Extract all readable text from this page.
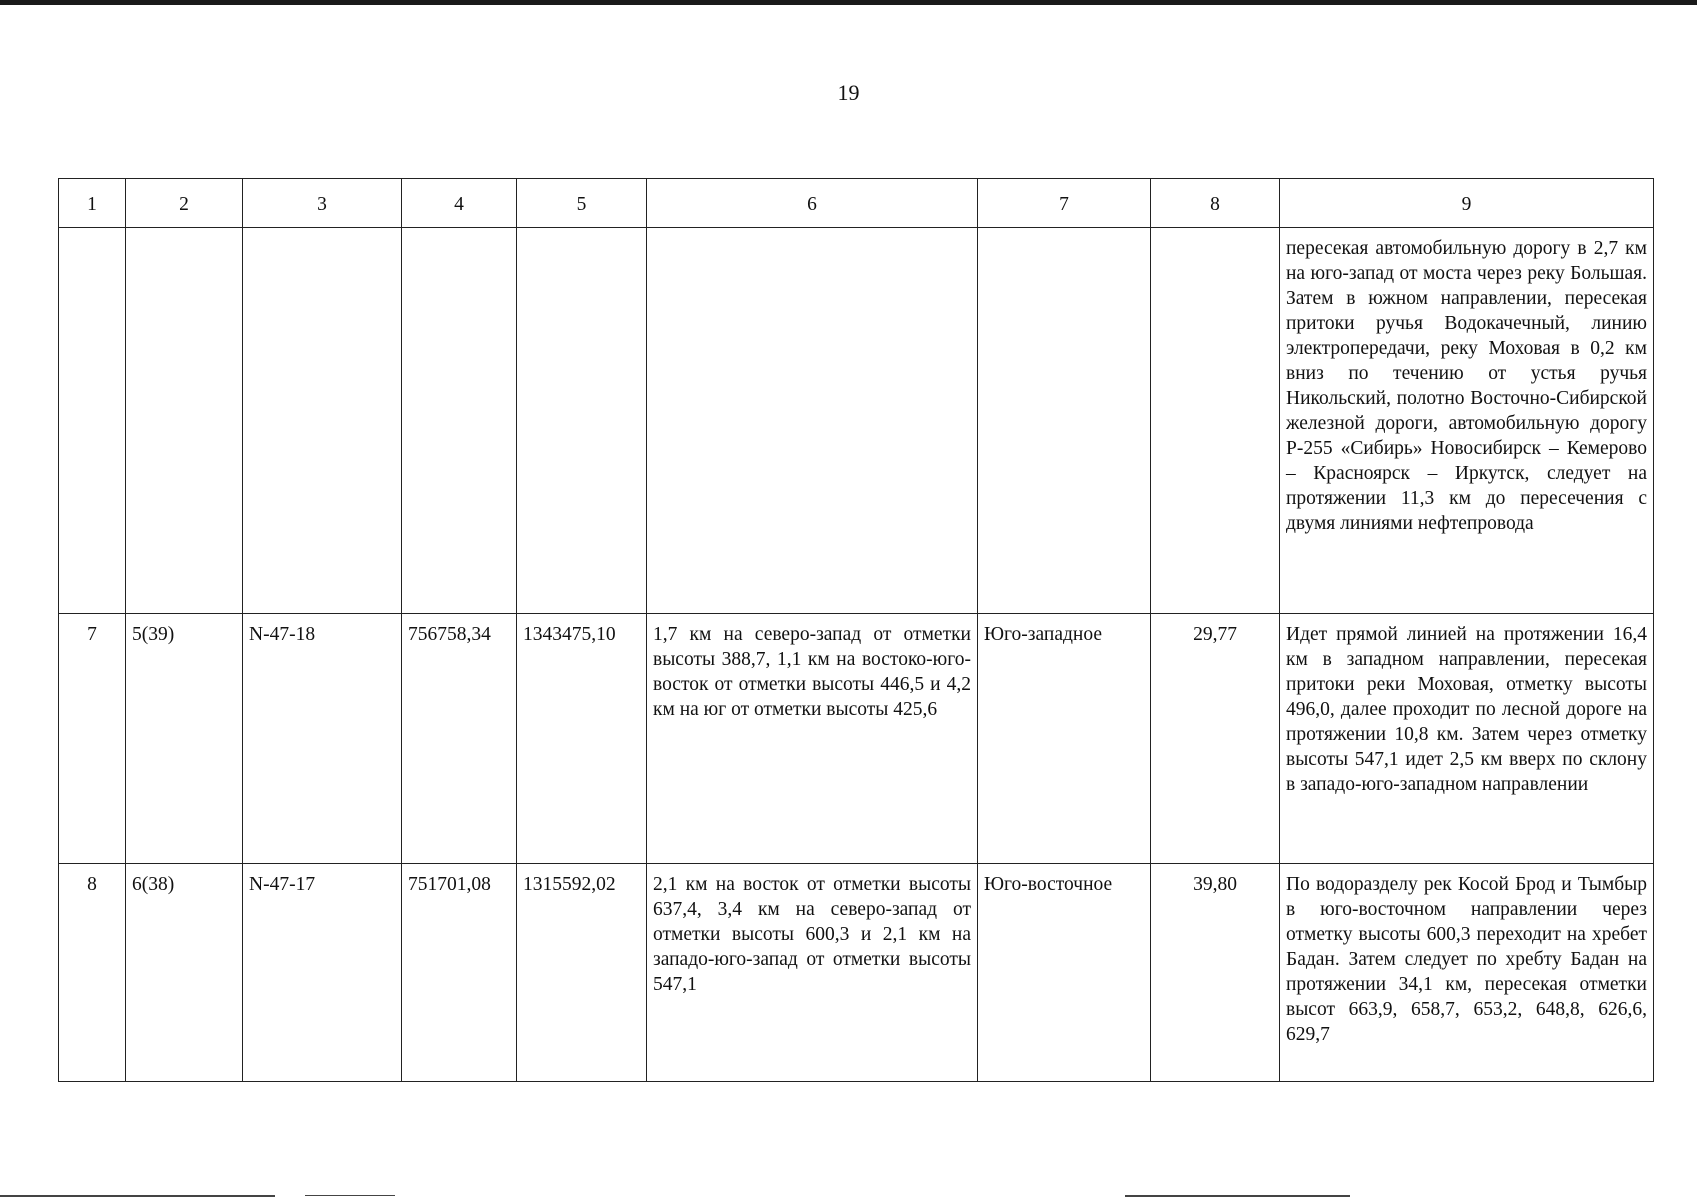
19
1	2	3	4	5	6	7	8	9
								пересекая автомобильную дорогу в 2,7 км на юго-запад от моста через реку Большая. Затем в южном направлении, пересекая притоки ручья Водокачечный, линию электропередачи, реку Моховая в 0,2 км вниз по течению от устья ручья Никольский, полотно Восточно-Сибирской железной дороги, автомобильную дорогу Р-255 «Сибирь» Новосибирск – Кемерово – Красноярск – Иркутск, следует на протяжении 11,3 км до пересечения с двумя линиями нефтепровода
7	5(39)	N-47-18	756758,34	1343475,10	1,7 км на северо-запад от отметки высоты 388,7, 1,1 км на востоко-юго-восток от отметки высоты 446,5 и 4,2 км на юг от отметки высоты 425,6	Юго-западное	29,77	Идет прямой линией на протяжении 16,4 км в западном направлении, пересекая притоки реки Моховая, отметку высоты 496,0, далее проходит по лесной дороге на протяжении 10,8 км. Затем через отметку высоты 547,1 идет 2,5 км вверх по склону в западо-юго-западном направлении
8	6(38)	N-47-17	751701,08	1315592,02	2,1 км на восток от отметки высоты 637,4, 3,4 км на северо-запад от отметки высоты 600,3 и 2,1 км на западо-юго-запад от отметки высоты 547,1	Юго-восточное	39,80	По водоразделу рек Косой Брод и Тымбыр в юго-восточном направлении через отметку высоты 600,3 переходит на хребет Бадан. Затем следует по хребту Бадан на протяжении 34,1 км, пересекая отметки высот 663,9, 658,7, 653,2, 648,8, 626,6, 629,7
